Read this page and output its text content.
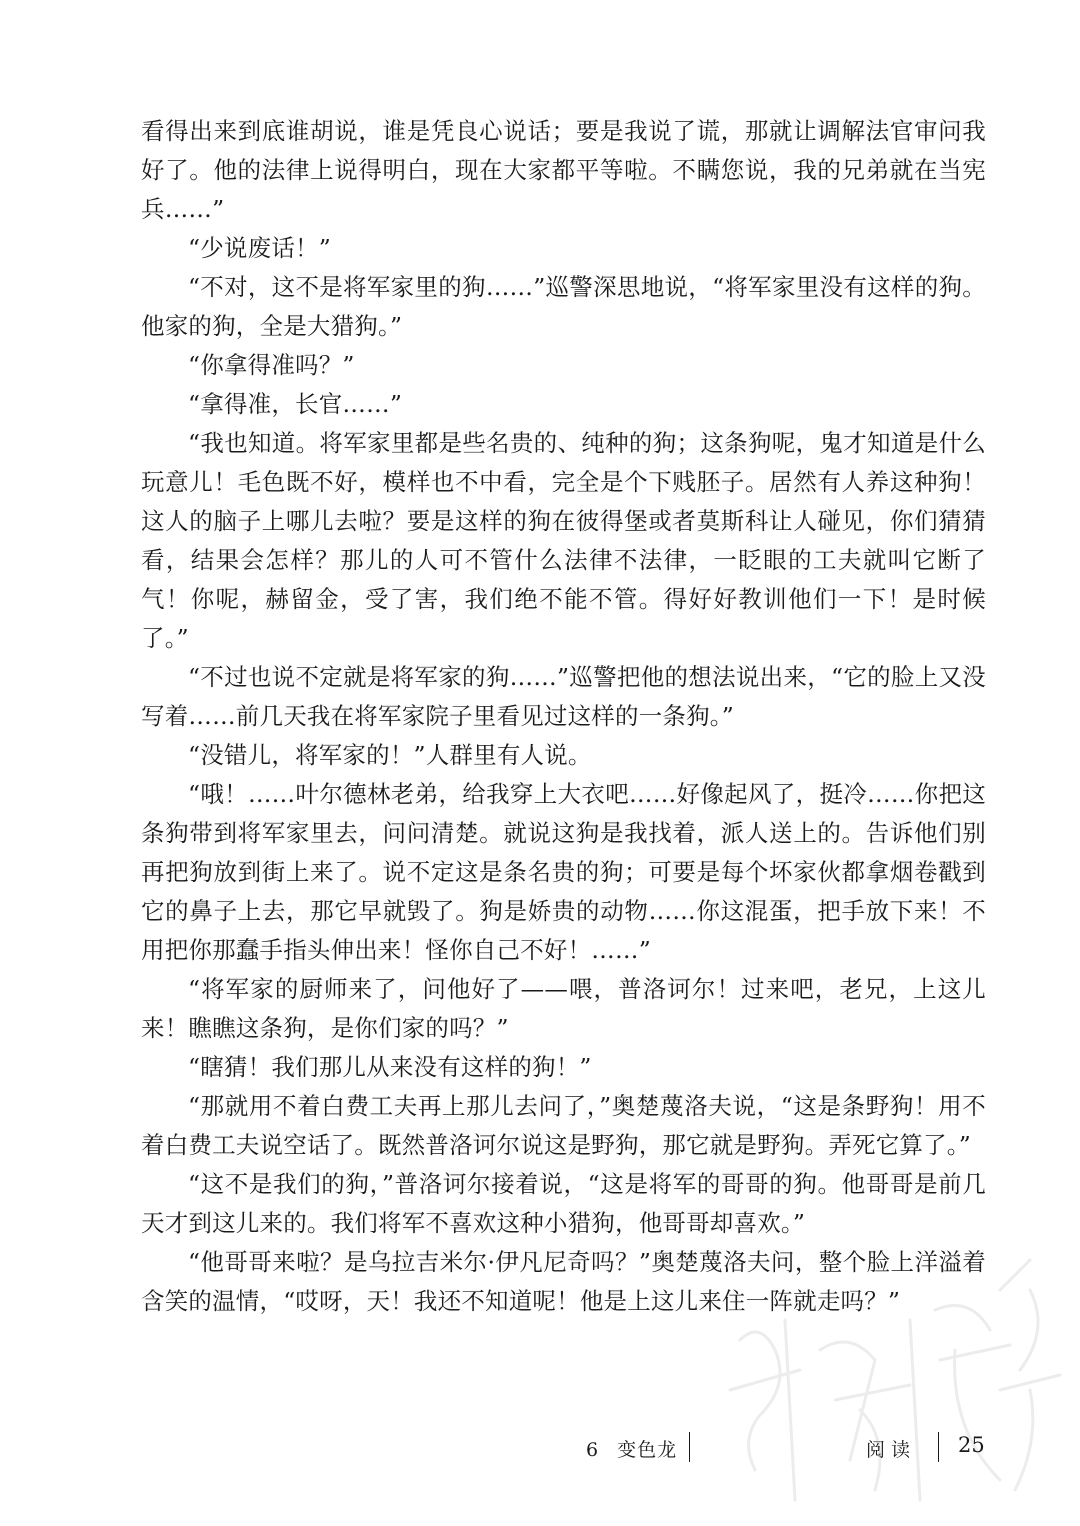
看得出来到底谁胡说，谁是凭良心说话；要是我说了谎，那就让调解法官审问我好了。他的法律上说得明白，现在大家都平等啦。不瞒您说，我的兄弟就在当宪兵……”

“少说废话！”

“不对，这不是将军家里的狗……”巡警深思地说，“将军家里没有这样的狗。他家的狗，全是大猎狗。”

“你拿得准吗？”

“拿得准，长官……”

“我也知道。将军家里都是些名贵的、纯种的狗；这条狗呢，鬼才知道是什么玩意儿！毛色既不好，模样也不中看，完全是个下贱胚子。居然有人养这种狗！这人的脑子上哪儿去啦？要是这样的狗在彼得堡或者莫斯科让人碰见，你们猜猜看，结果会怎样？那儿的人可不管什么法律不法律，一眨眼的工夫就叫它断了气！你呢，赫留金，受了害，我们绝不能不管。得好好教训他们一下！是时候了。”

“不过也说不定就是将军家的狗……”巡警把他的想法说出来，“它的脸上又没写着……前几天我在将军家院子里看见过这样的一条狗。”

“没错儿，将军家的！”人群里有人说。

“哦！……叶尔德林老弟，给我穿上大衣吧……好像起风了，挺冷……你把这条狗带到将军家里去，问问清楚。就说这狗是我找着，派人送上的。告诉他们别再把狗放到街上来了。说不定这是条名贵的狗；可要是每个坏家伙都拿烟卷戳到它的鼻子上去，那它早就毁了。狗是娇贵的动物……你这混蛋，把手放下来！不用把你那蠢手指头伸出来！怪你自己不好！……”

“将军家的厨师来了，问他好了——喂，普洛诃尔！过来吧，老兄，上这儿来！瞧瞧这条狗，是你们家的吗？”

“瞎猜！我们那儿从来没有这样的狗！”

“那就用不着白费工夫再上那儿去问了，”奥楚蔑洛夫说，“这是条野狗！用不着白费工夫说空话了。既然普洛诃尔说这是野狗，那它就是野狗。弄死它算了。”

“这不是我们的狗，”普洛诃尔接着说，“这是将军的哥哥的狗。他哥哥是前几天才到这儿来的。我们将军不喜欢这种小猎狗，他哥哥却喜欢。”

“他哥哥来啦？是乌拉吉米尔·伊凡尼奇吗？”奥楚蔑洛夫问，整个脸上洋溢着含笑的温情，“哎呀，天！我还不知道呢！他是上这儿来住一阵就走吗？”

6 变色龙	阅读 25
